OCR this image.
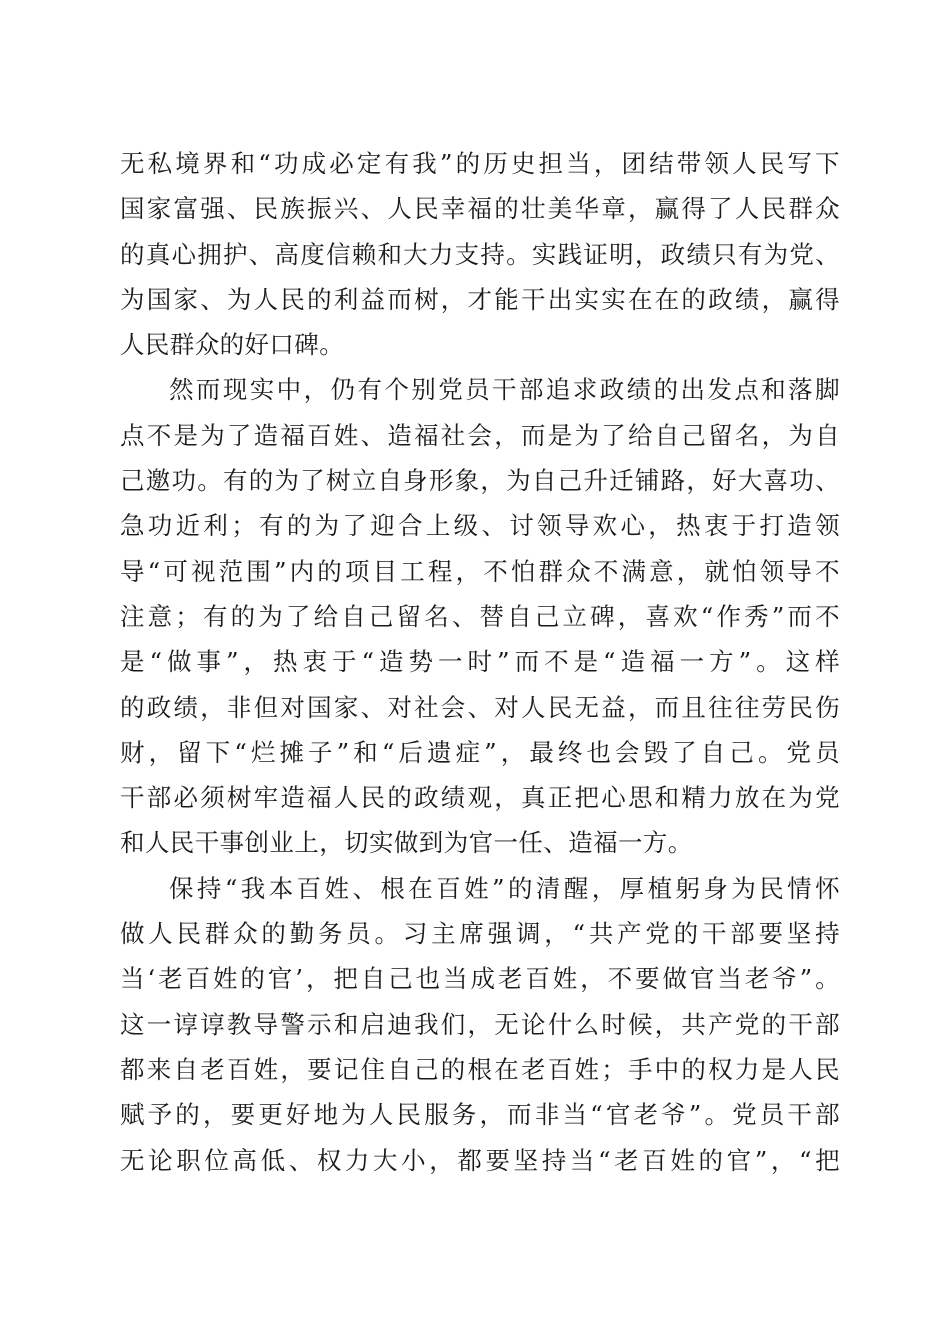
无私境界和“功成必定有我”的历史担当，团结带领人民写下
国家富强、民族振兴、人民幸福的壮美华章，赢得了人民群众
的真心拥护、高度信赖和大力支持。实践证明，政绩只有为党、
为国家、为人民的利益而树，才能干出实实在在的政绩，赢得
人民群众的好口碑。
然而现实中，仍有个别党员干部追求政绩的出发点和落脚
点不是为了造福百姓、造福社会，而是为了给自己留名，为自
己邀功。有的为了树立自身形象，为自己升迁铺路，好大喜功、
急功近利；有的为了迎合上级、讨领导欢心，热衷于打造领
导“可视范围”内的项目工程，不怕群众不满意，就怕领导不
注意；有的为了给自己留名、替自己立碑，喜欢“作秀”而不
是“做事”，热衷于“造势一时”而不是“造福一方”。这样
的政绩，非但对国家、对社会、对人民无益，而且往往劳民伤
财，留下“烂摊子”和“后遗症”，最终也会毁了自己。党员
干部必须树牢造福人民的政绩观，真正把心思和精力放在为党
和人民干事创业上，切实做到为官一任、造福一方。
保持“我本百姓、根在百姓”的清醒，厚植躬身为民情怀
做人民群众的勤务员。习主席强调，“共产党的干部要坚持
当‘老百姓的官’，把自己也当成老百姓，不要做官当老爷”。
这一谆谆教导警示和启迪我们，无论什么时候，共产党的干部
都来自老百姓，要记住自己的根在老百姓；手中的权力是人民
赋予的，要更好地为人民服务，而非当“官老爷”。党员干部
无论职位高低、权力大小，都要坚持当“老百姓的官”，“把
